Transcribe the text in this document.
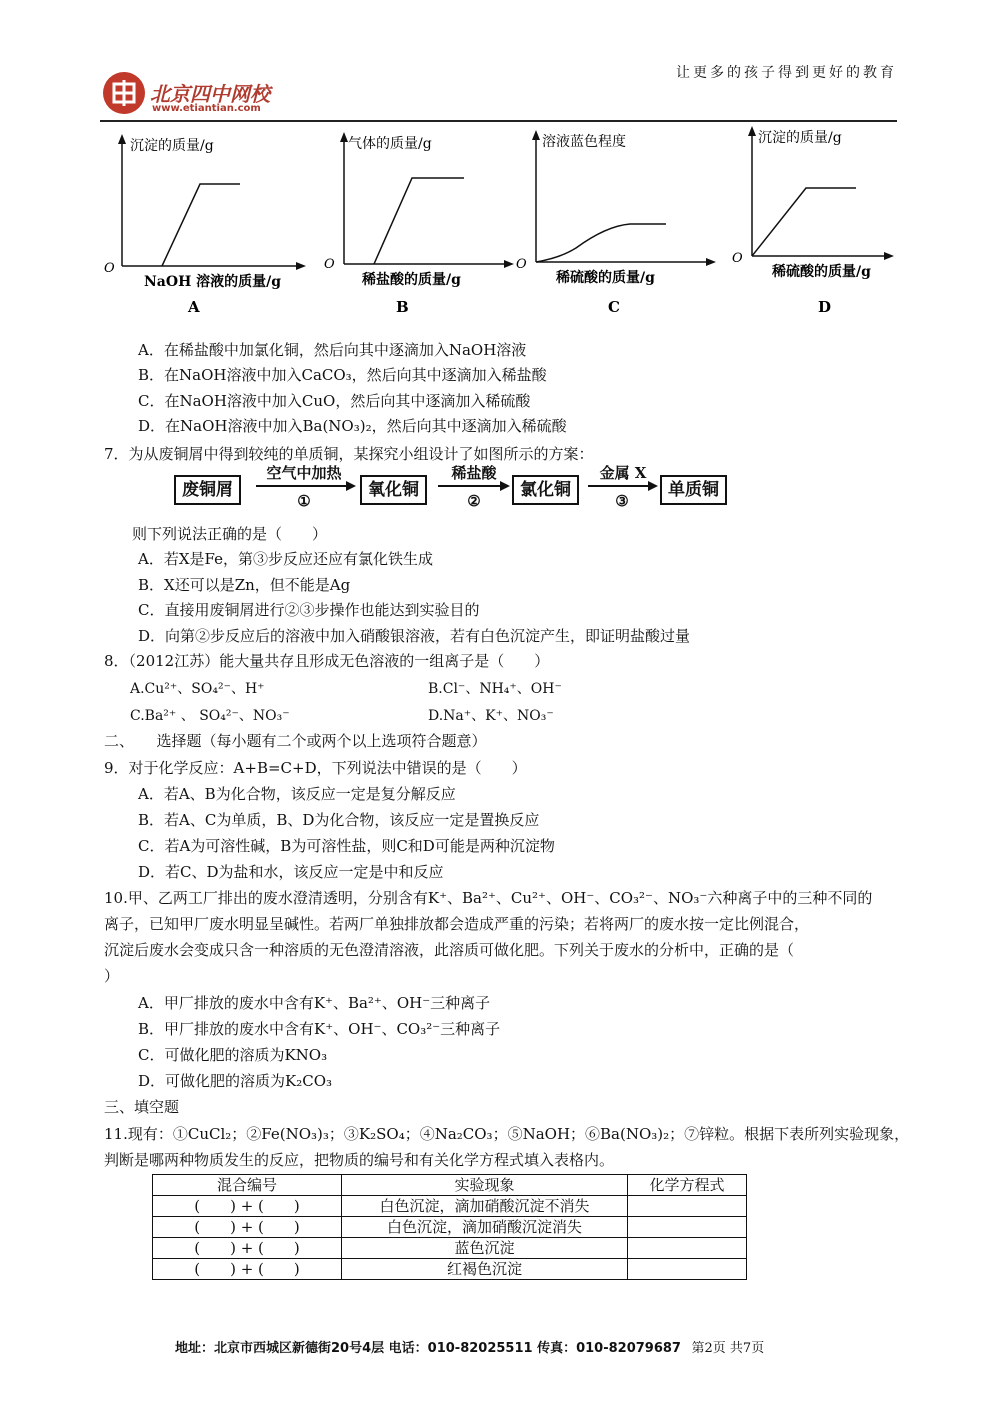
让更多的孩子得到更好的教育
北京四中网校
www.etiantian.com
沉淀的质量/g
O
NaOH 溶液的质量/g
A
气体的质量/g
O
稀盐酸的质量/g
B
溶液蓝色程度
O
稀硫酸的质量/g
C
沉淀的质量/g
O
稀硫酸的质量/g
D
A．在稀盐酸中加氯化铜，然后向其中逐滴加入NaOH溶液
B．在NaOH溶液中加入CaCO₃，然后向其中逐滴加入稀盐酸
C．在NaOH溶液中加入CuO，然后向其中逐滴加入稀硫酸
D．在NaOH溶液中加入Ba(NO₃)₂，然后向其中逐滴加入稀硫酸
7．为从废铜屑中得到较纯的单质铜，某探究小组设计了如图所示的方案：
废铜屑
空气中加热
①
氧化铜
稀盐酸
②
氯化铜
金属 X
③
单质铜
则下列说法正确的是（　　）
A．若X是Fe，第③步反应还应有氯化铁生成
B．X还可以是Zn，但不能是Ag
C．直接用废铜屑进行②③步操作也能达到实验目的
D．向第②步反应后的溶液中加入硝酸银溶液，若有白色沉淀产生，即证明盐酸过量
8．（2012江苏）能大量共存且形成无色溶液的一组离子是（　　）
A.Cu²⁺、SO₄²⁻、H⁺	B.Cl⁻、NH₄⁺、OH⁻
C.Ba²⁺ 、 SO₄²⁻、NO₃⁻	D.Na⁺、K⁺、NO₃⁻
二、　　选择题（每小题有二个或两个以上选项符合题意）
9．对于化学反应：A+B=C+D，下列说法中错误的是（　　）
A．若A、B为化合物，该反应一定是复分解反应
B．若A、C为单质，B、D为化合物，该反应一定是置换反应
C．若A为可溶性碱，B为可溶性盐，则C和D可能是两种沉淀物
D．若C、D为盐和水，该反应一定是中和反应
10.甲、乙两工厂排出的废水澄清透明，分别含有K⁺、Ba²⁺、Cu²⁺、OH⁻、CO₃²⁻、NO₃⁻六种离子中的三种不同的
离子，已知甲厂废水明显呈碱性。若两厂单独排放都会造成严重的污染；若将两厂的废水按一定比例混合，
沉淀后废水会变成只含一种溶质的无色澄清溶液，此溶质可做化肥。下列关于废水的分析中，正确的是（
）
A．甲厂排放的废水中含有K⁺、Ba²⁺、OH⁻三种离子
B．甲厂排放的废水中含有K⁺、OH⁻、CO₃²⁻三种离子
C．可做化肥的溶质为KNO₃
D．可做化肥的溶质为K₂CO₃
三、填空题
11.现有：①CuCl₂；②Fe(NO₃)₃；③K₂SO₄；④Na₂CO₃；⑤NaOH；⑥Ba(NO₃)₂；⑦锌粒。根据下表所列实验现象，
判断是哪两种物质发生的反应，把物质的编号和有关化学方程式填入表格内。
混合编号	实验现象	化学方程式
(　　) + (　　)	白色沉淀，滴加硝酸沉淀不消失	
(　　) + (　　)	白色沉淀，滴加硝酸沉淀消失	
(　　) + (　　)	蓝色沉淀	
(　　) + (　　)	红褐色沉淀	
地址：北京市西城区新德街20号4层 电话：010-82025511 传真：010-82079687 第2页 共7页
